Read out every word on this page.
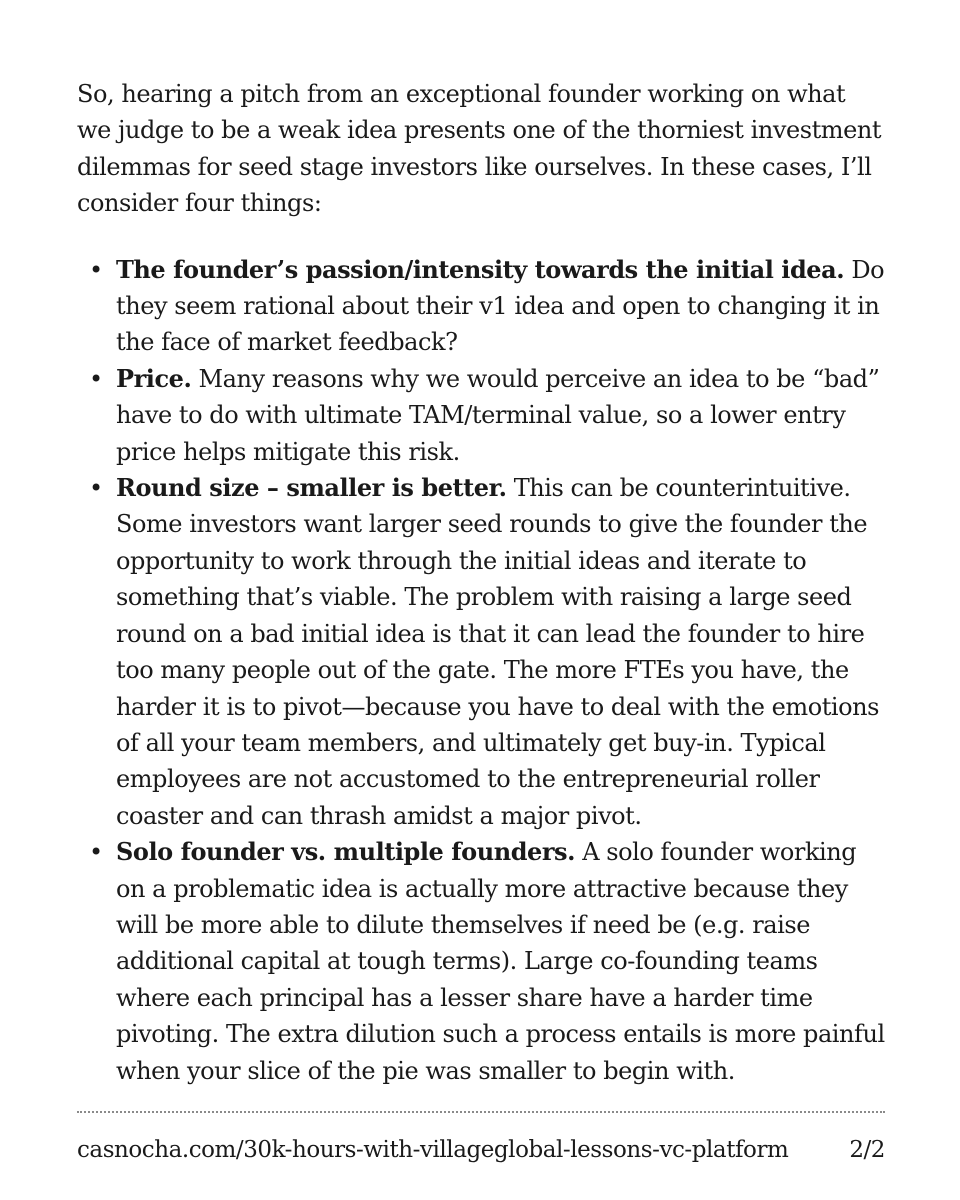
So, hearing a pitch from an exceptional founder working on what we judge to be a weak idea presents one of the thorniest investment dilemmas for seed stage investors like ourselves. In these cases, I’ll consider four things:

• The founder’s passion/intensity towards the initial idea. Do they seem rational about their v1 idea and open to changing it in the face of market feedback?
• Price. Many reasons why we would perceive an idea to be “bad” have to do with ultimate TAM/terminal value, so a lower entry price helps mitigate this risk.
• Round size – smaller is better. This can be counterintuitive. Some investors want larger seed rounds to give the founder the opportunity to work through the initial ideas and iterate to something that’s viable. The problem with raising a large seed round on a bad initial idea is that it can lead the founder to hire too many people out of the gate. The more FTEs you have, the harder it is to pivot—because you have to deal with the emotions of all your team members, and ultimately get buy-in. Typical employees are not accustomed to the entrepreneurial roller coaster and can thrash amidst a major pivot.
• Solo founder vs. multiple founders. A solo founder working on a problematic idea is actually more attractive because they will be more able to dilute themselves if need be (e.g. raise additional capital at tough terms). Large co-founding teams where each principal has a lesser share have a harder time pivoting. The extra dilution such a process entails is more painful when your slice of the pie was smaller to begin with.
casnocha.com/30k-hours-with-villageglobal-lessons-vc-platform	2/2
